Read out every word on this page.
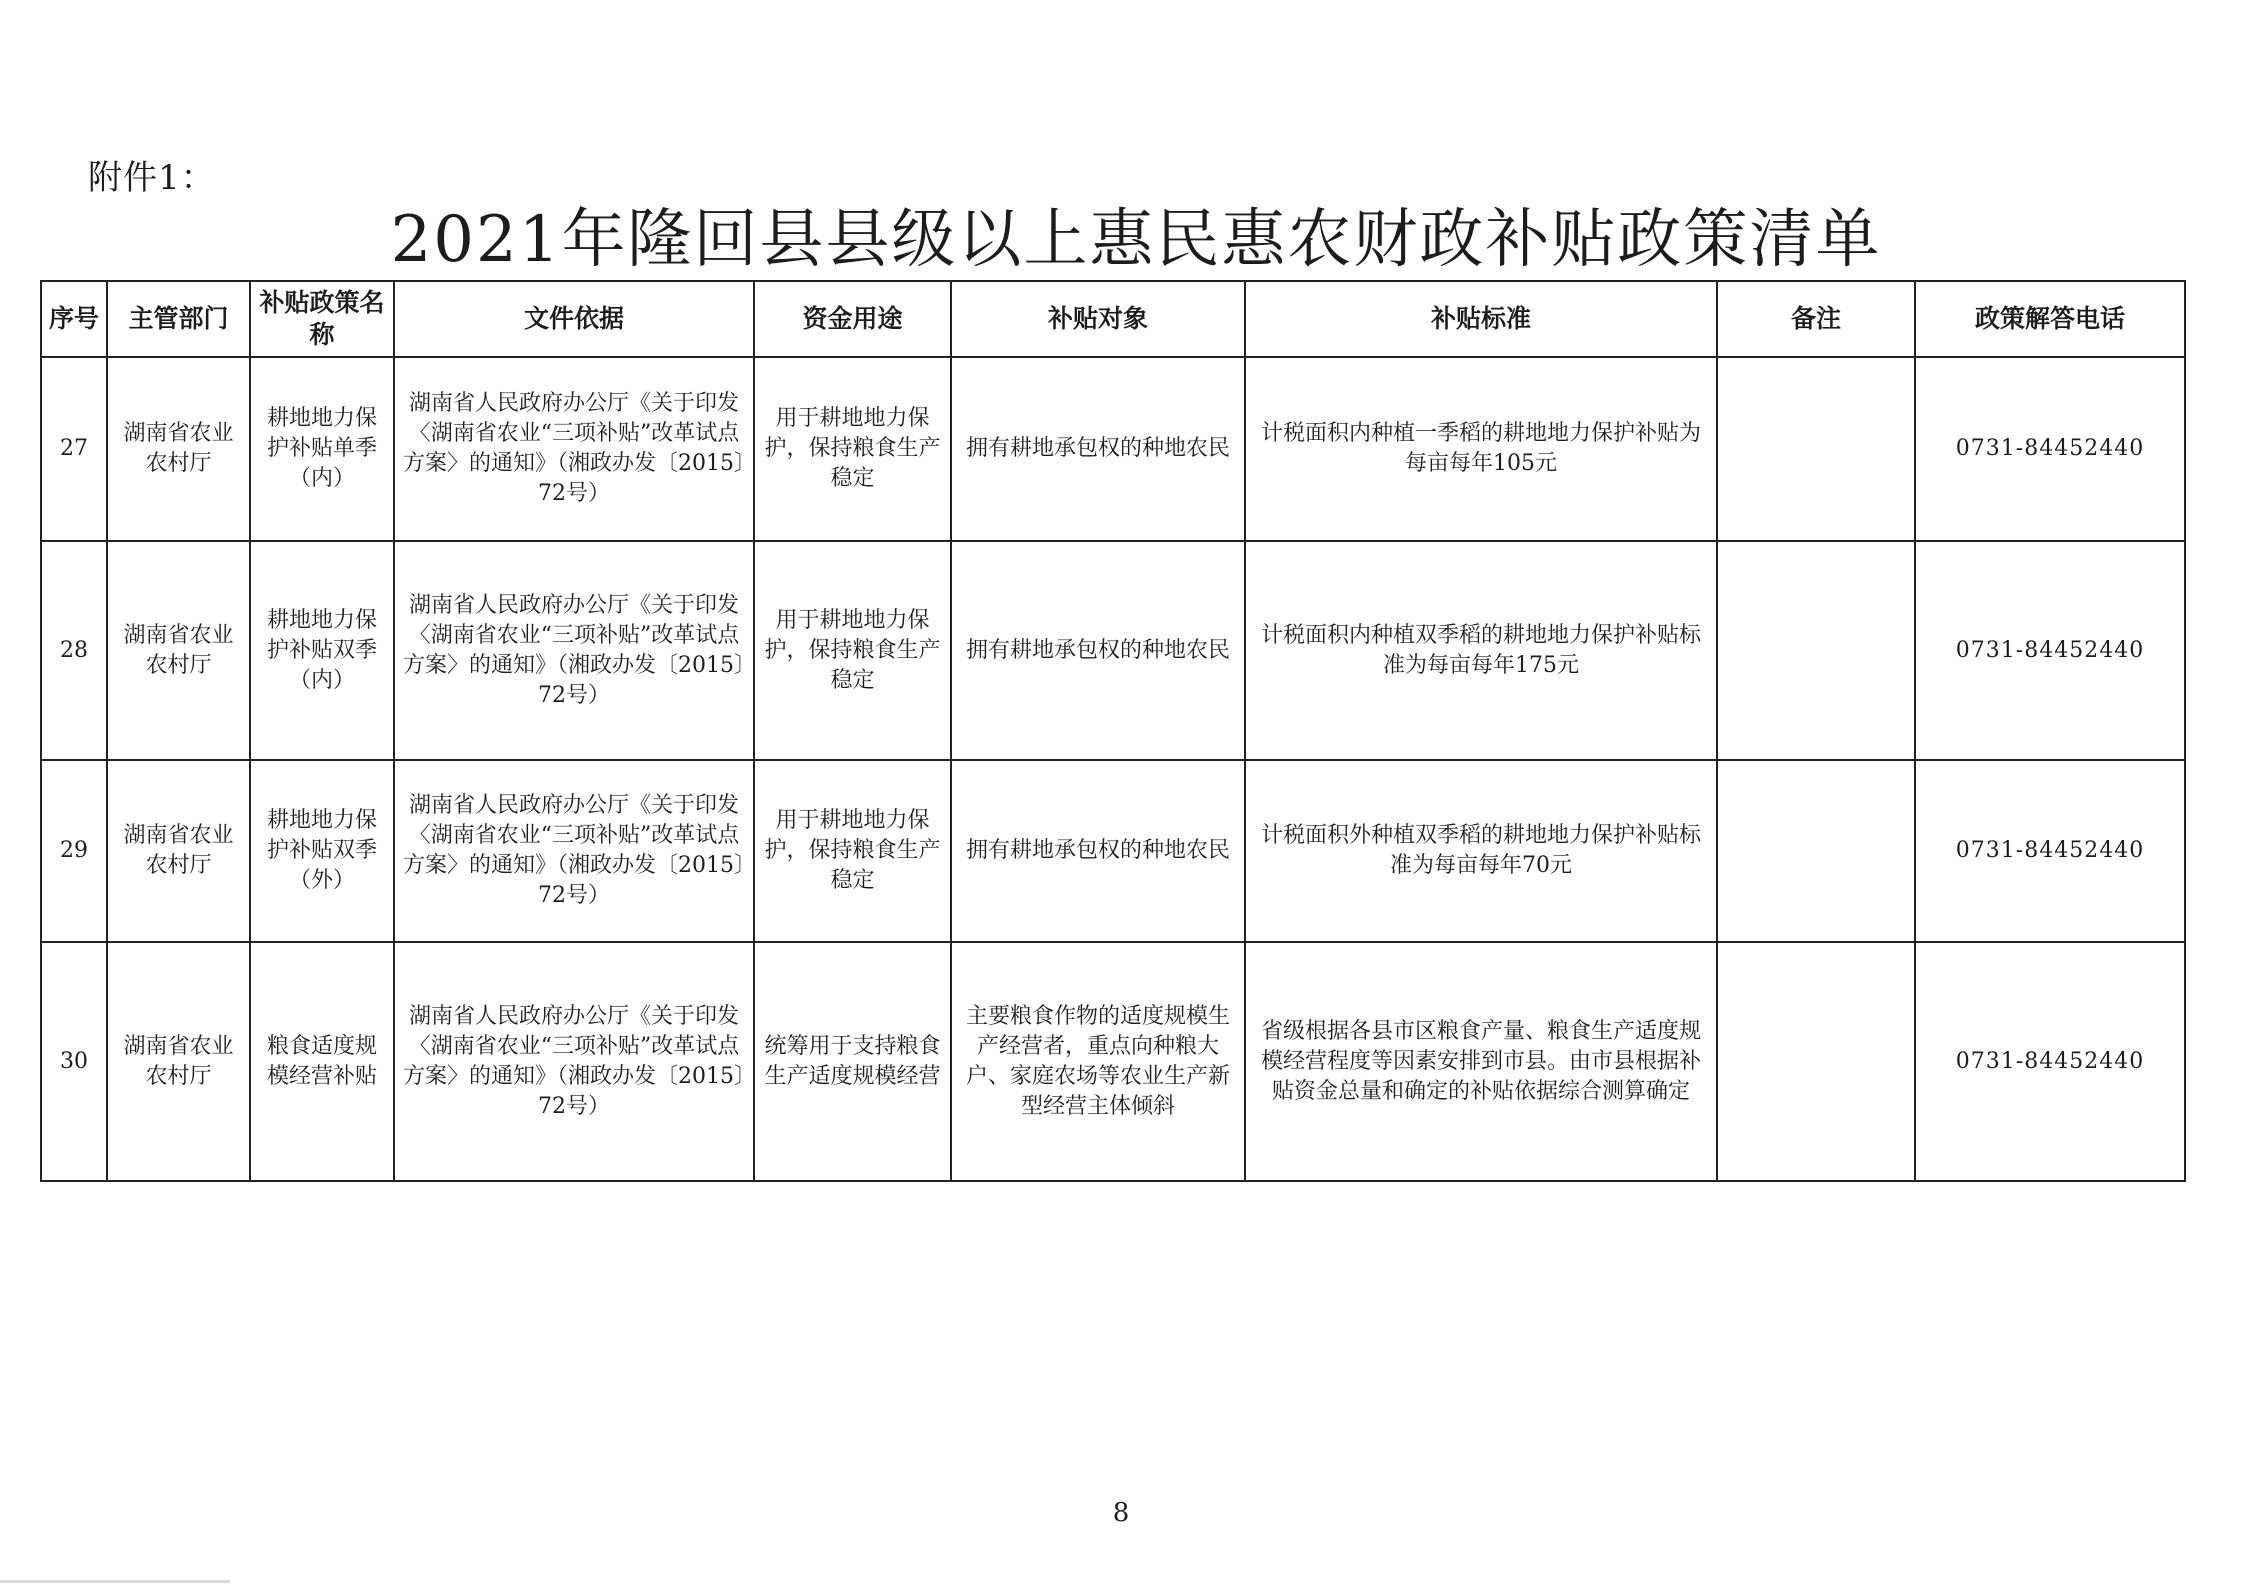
附件1：
2021年隆回县县级以上惠民惠农财政补贴政策清单
序号	主管部门	补贴政策名称	文件依据	资金用途	补贴对象	补贴标准	备注	政策解答电话
27	湖南省农业农村厅	耕地地力保护补贴单季（内）	湖南省人民政府办公厅《关于印发〈湖南省农业“三项补贴”改革试点方案〉的通知》（湘政办发〔2015〕72号）	用于耕地地力保护，保持粮食生产稳定	拥有耕地承包权的种地农民	计税面积内种植一季稻的耕地地力保护补贴为每亩每年105元		0731-84452440
28	湖南省农业农村厅	耕地地力保护补贴双季（内）	湖南省人民政府办公厅《关于印发〈湖南省农业“三项补贴”改革试点方案〉的通知》（湘政办发〔2015〕72号）	用于耕地地力保护，保持粮食生产稳定	拥有耕地承包权的种地农民	计税面积内种植双季稻的耕地地力保护补贴标准为每亩每年175元		0731-84452440
29	湖南省农业农村厅	耕地地力保护补贴双季（外）	湖南省人民政府办公厅《关于印发〈湖南省农业“三项补贴”改革试点方案〉的通知》（湘政办发〔2015〕72号）	用于耕地地力保护，保持粮食生产稳定	拥有耕地承包权的种地农民	计税面积外种植双季稻的耕地地力保护补贴标准为每亩每年70元		0731-84452440
30	湖南省农业农村厅	粮食适度规模经营补贴	湖南省人民政府办公厅《关于印发〈湖南省农业“三项补贴”改革试点方案〉的通知》（湘政办发〔2015〕72号）	统筹用于支持粮食生产适度规模经营	主要粮食作物的适度规模生产经营者，重点向种粮大户、家庭农场等农业生产新型经营主体倾斜	省级根据各县市区粮食产量、粮食生产适度规模经营程度等因素安排到市县。由市县根据补贴资金总量和确定的补贴依据综合测算确定		0731-84452440
8
